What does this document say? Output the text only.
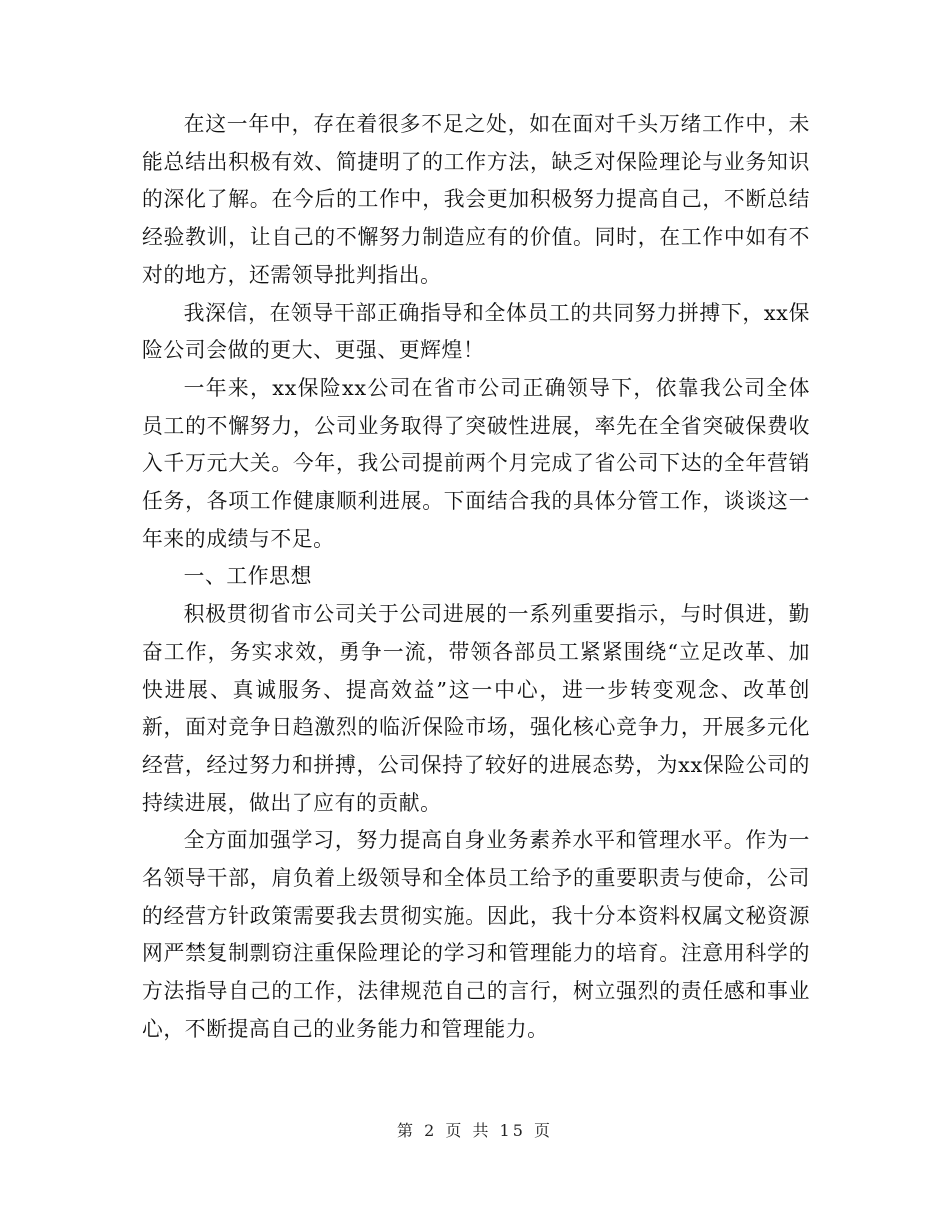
在这一年中，存在着很多不足之处，如在面对千头万绪工作中，未能总结出积极有效、简捷明了的工作方法，缺乏对保险理论与业务知识的深化了解。在今后的工作中，我会更加积极努力提高自己，不断总结经验教训，让自己的不懈努力制造应有的价值。同时，在工作中如有不对的地方，还需领导批判指出。

我深信，在领导干部正确指导和全体员工的共同努力拼搏下，xx保险公司会做的更大、更强、更辉煌！

一年来，xx保险xx公司在省市公司正确领导下，依靠我公司全体员工的不懈努力，公司业务取得了突破性进展，率先在全省突破保费收入千万元大关。今年，我公司提前两个月完成了省公司下达的全年营销任务，各项工作健康顺利进展。下面结合我的具体分管工作，谈谈这一年来的成绩与不足。

一、工作思想

积极贯彻省市公司关于公司进展的一系列重要指示，与时俱进，勤奋工作，务实求效，勇争一流，带领各部员工紧紧围绕“立足改革、加快进展、真诚服务、提高效益”这一中心，进一步转变观念、改革创新，面对竞争日趋激烈的临沂保险市场，强化核心竞争力，开展多元化经营，经过努力和拼搏，公司保持了较好的进展态势，为xx保险公司的持续进展，做出了应有的贡献。

全方面加强学习，努力提高自身业务素养水平和管理水平。作为一名领导干部，肩负着上级领导和全体员工给予的重要职责与使命，公司的经营方针政策需要我去贯彻实施。因此，我十分本资料权属文秘资源网严禁复制剽窃注重保险理论的学习和管理能力的培育。注意用科学的方法指导自己的工作，法律规范自己的言行，树立强烈的责任感和事业心，不断提高自己的业务能力和管理能力。

第 2 页 共 15 页
